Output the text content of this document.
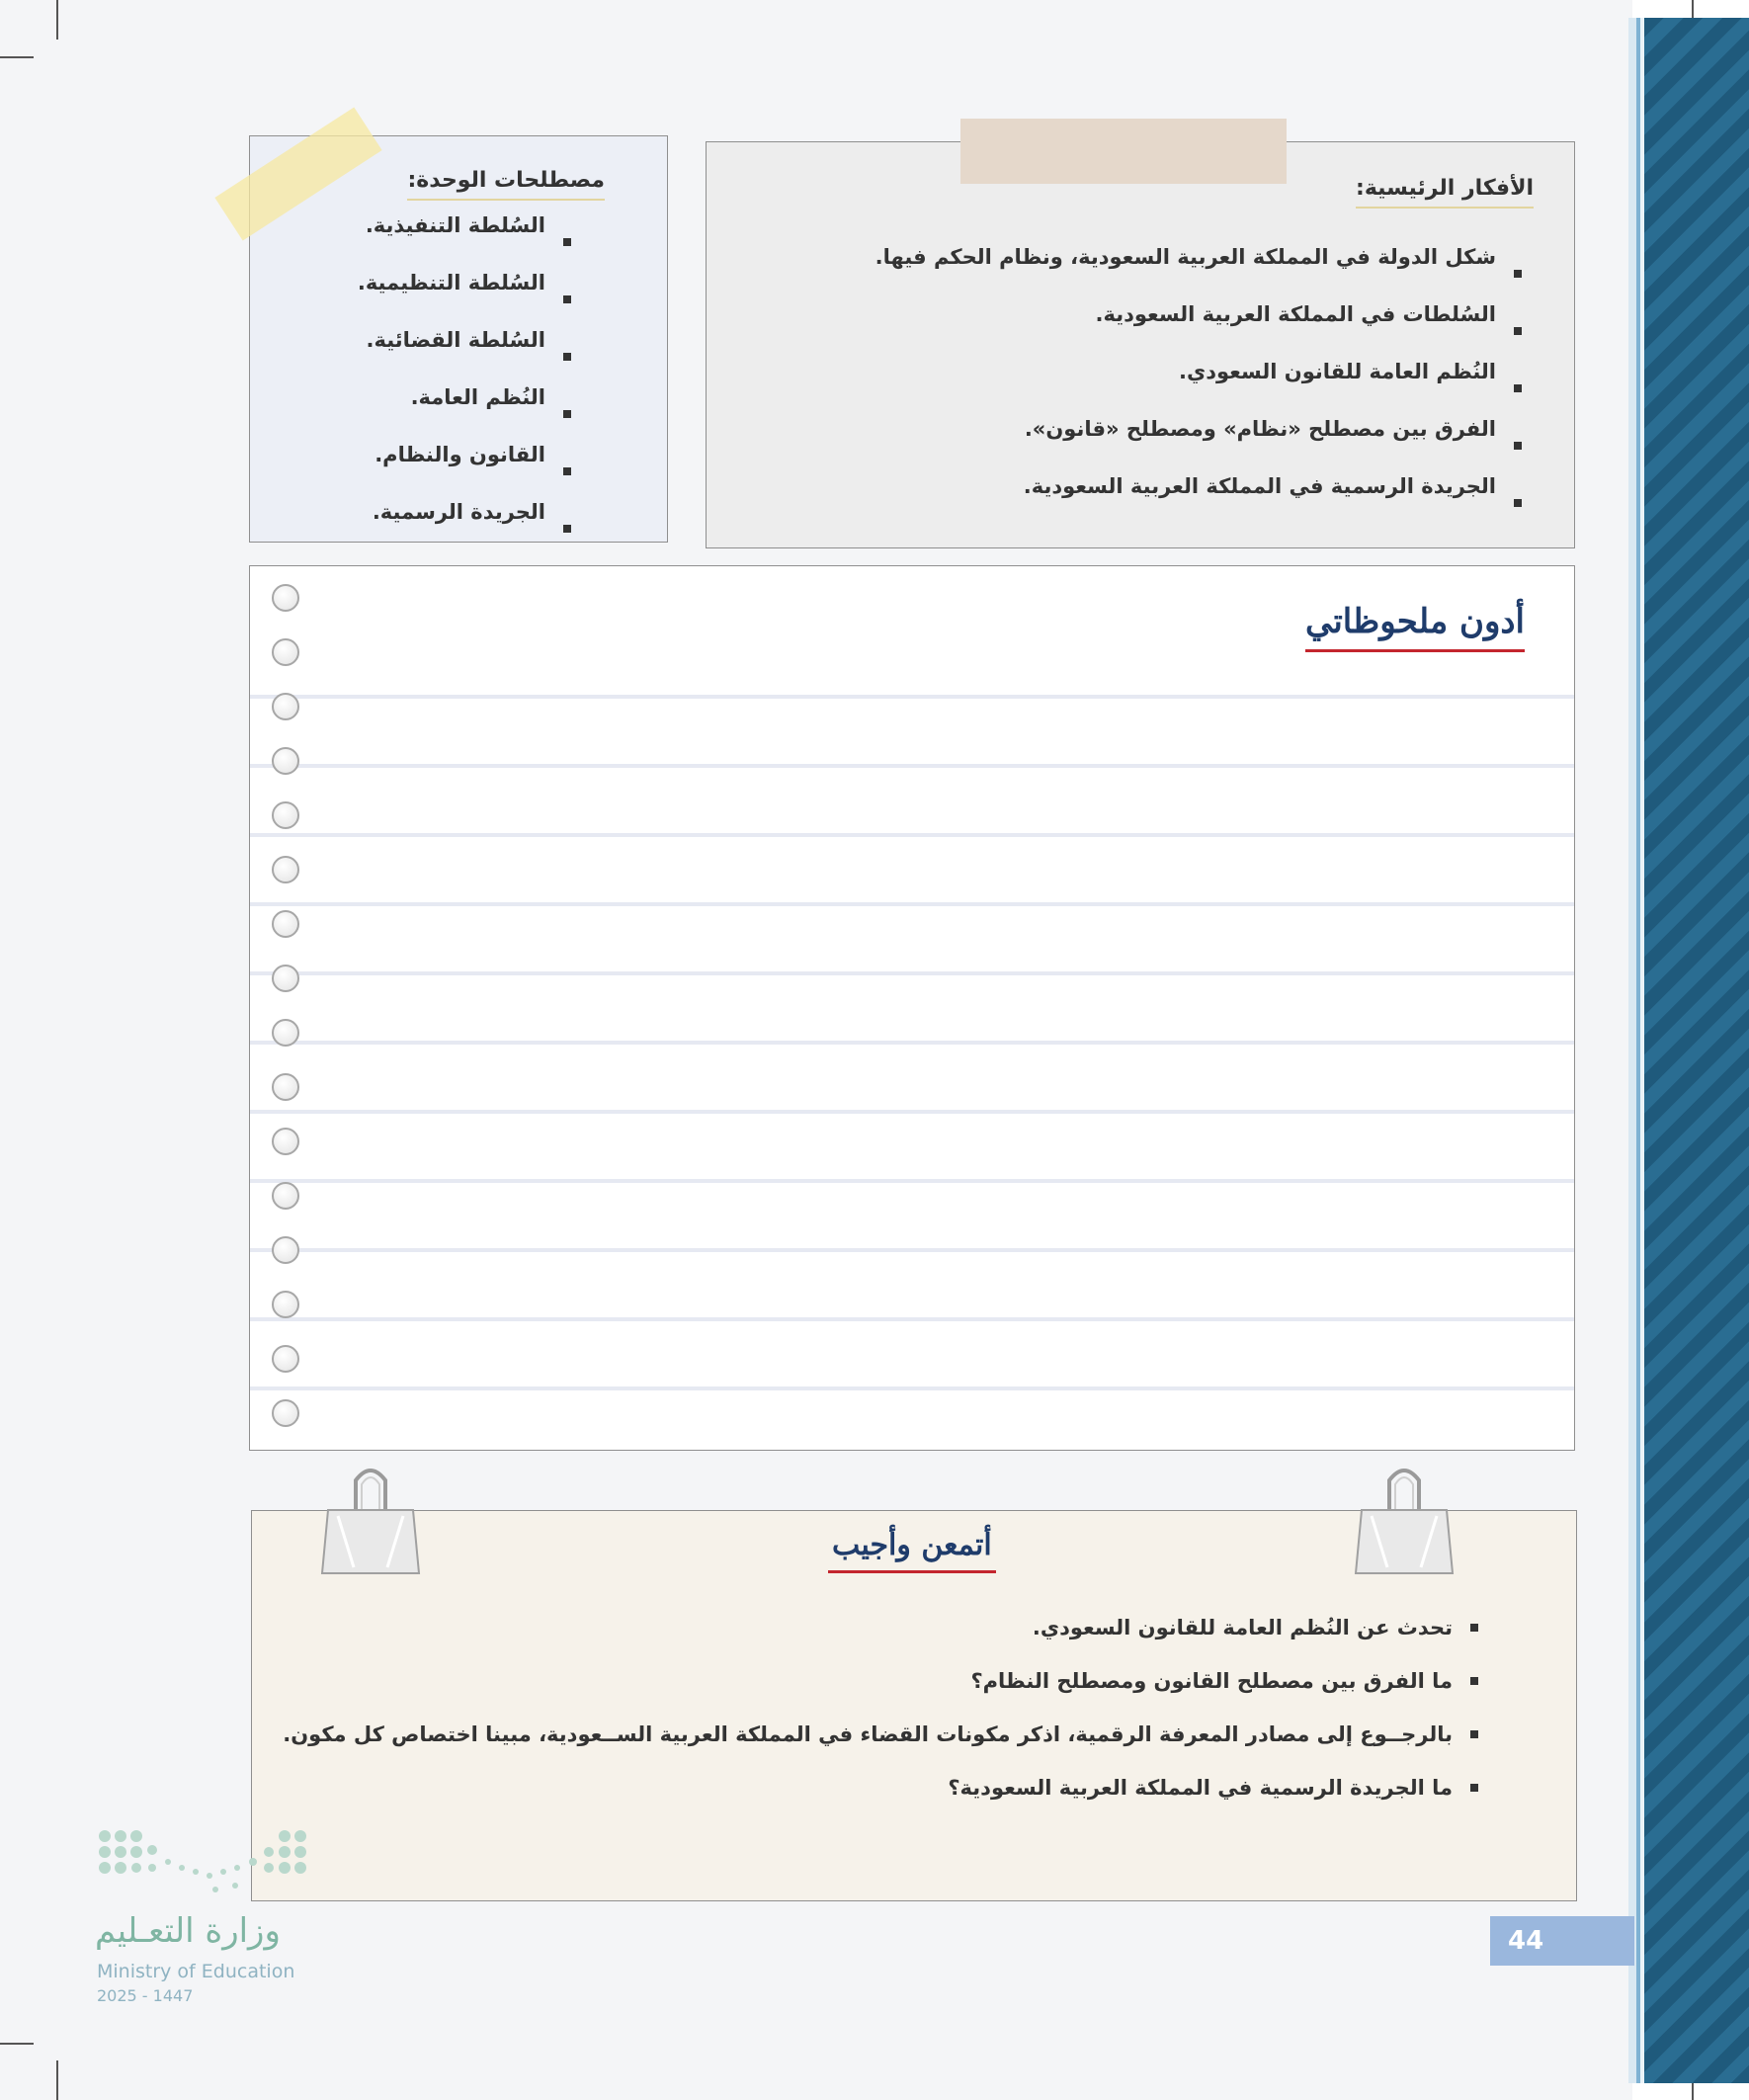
مصطلحات الوحدة:
السُلطة التنفيذية.
السُلطة التنظيمية.
السُلطة القضائية.
النُظم العامة.
القانون والنظام.
الجريدة الرسمية.
الأفكار الرئيسية:
شكل الدولة في المملكة العربية السعودية، ونظام الحكم فيها.
السُلطات في المملكة العربية السعودية.
النُظم العامة للقانون السعودي.
الفرق بين مصطلح «نظام» ومصطلح «قانون».
الجريدة الرسمية في المملكة العربية السعودية.
أدون ملحوظاتي
أتمعن وأجيب
تحدث عن النُظم العامة للقانون السعودي.
ما الفرق بين مصطلح القانون ومصطلح النظام؟
بالرجــوع إلى مصادر المعرفة الرقمية، اذكر مكونات القضاء في المملكة العربية الســعودية، مبينا اختصاص كل مكون.
ما الجريدة الرسمية في المملكة العربية السعودية؟
وزارة التعـليم
Ministry of Education
2025 - 1447
44
